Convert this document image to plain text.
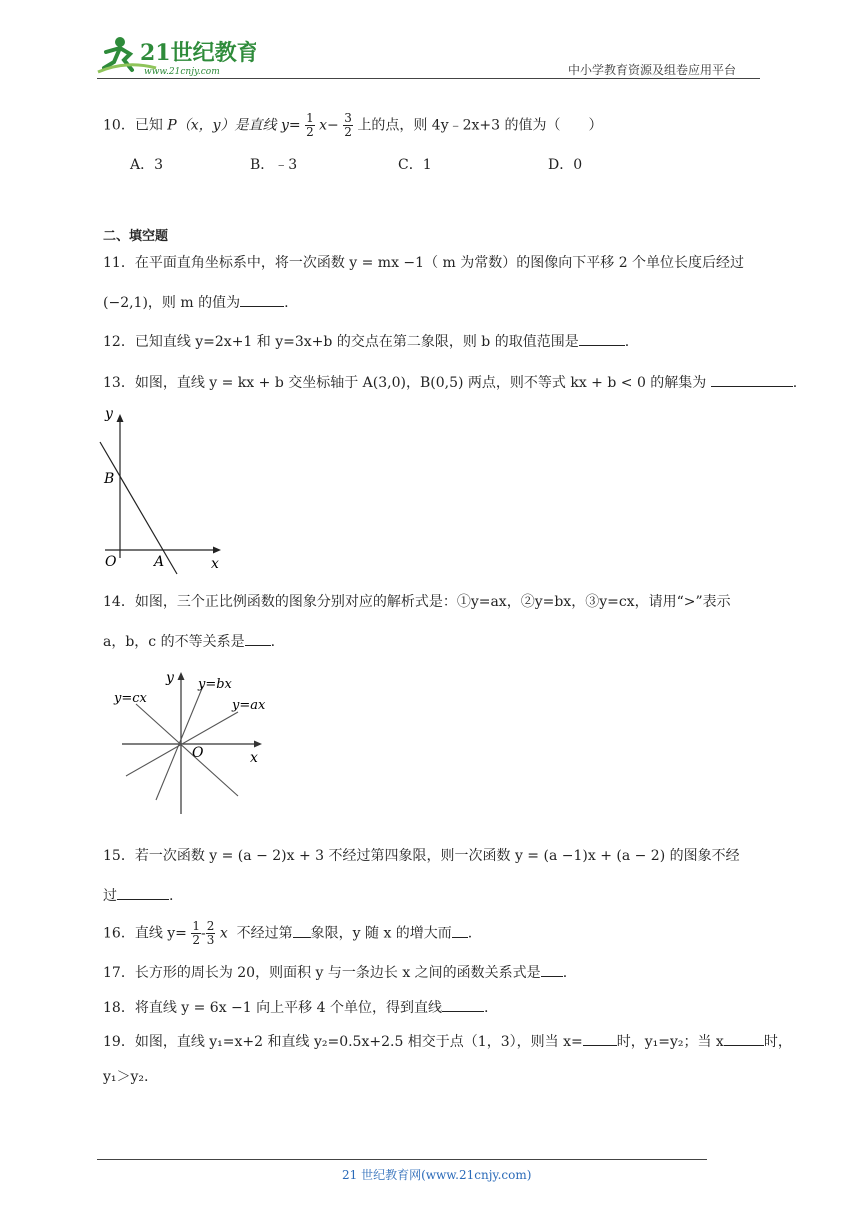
21世纪教育
www.21cnjy.com	中小学教育资源及组卷应用平台
10．已知 P（x，y）是直线 $y= \frac{1}{2} x- \frac{3}{2}$ 上的点，则 4y﹣2x+3 的值为（　　）
A．3	B．﹣3	C．1	D．0
二、填空题
11．在平面直角坐标系中，将一次函数 y = mx −1（ m 为常数）的图像向下平移 2 个单位长度后经过
(−2,1)，则 m 的值为	.
12．已知直线 y=2x+1 和 y=3x+b 的交点在第二象限，则 b 的取值范围是	.
13．如图，直线 y = kx + b 交坐标轴于 A(3,0)，B(0,5) 两点，则不等式 kx + b < 0 的解集为	.
y
x
B
O	A
14．如图，三个正比例函数的图象分别对应的解析式是：①y=ax，②y=bx，③y=cx，请用“>”表示
a，b，c 的不等关系是 .
y
x
O
y=cx
y=bx
y=ax
15．若一次函数 y = (a − 2)x + 3 不经过第四象限，则一次函数 y = (a −1)x + (a − 2) 的图象不经
过	.
16．直线 $y= \frac{1}{2} - \frac{2}{3}$ x 不经过第 象限，y 随 x 的增大而 .
17．长方形的周长为 20，则面积 y 与一条边长 x 之间的函数关系式是 .
18．将直线 y = 6x −1 向上平移 4 个单位，得到直线	.
19．如图，直线 y₁=x+2 和直线 y₂=0.5x+2.5 相交于点（1，3），则当 x= 时，y₁=y₂；当 x	时，
y₁＞y₂.
21 世纪教育网(www.21cnjy.com)
